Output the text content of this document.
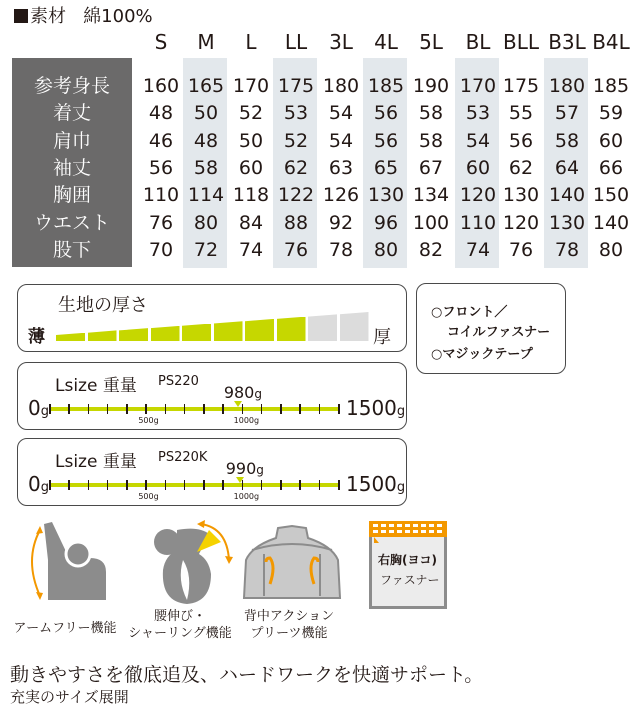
素材 綿100%
S	M	L	LL	3L	4L	5L	BL BLL B3L B4L
参考身長	160 165 170 175 180 185 190 170 175 180 185
着丈	48	50	52	53	54	56	58	53 55	57	59
肩巾	46	48	50	52	54	56	58	54 56	58	60
袖丈	56	58	60	62	63	65	67	60 62	64	66
胸囲	110 114 118 122 126 130 134 120 130 140 150
ウエスト	76	80	84	88	92	96 100 110 120 130 140
股下	70	72	74	76	78	80	82	74 76	78	80
生地の厚さ
薄	厚
○フロント／
コイルファスナー
○マジックテープ
Lsize 重量 PS220
980g
0g	1500g
500g	1000g
Lsize 重量 PS220K
990g
0g	1500g
500g	1000g
アームフリー機能
腰伸び・
シャーリング機能
背中アクション
プリーツ機能
右胸(ヨコ)
ファスナー
動きやすさを徹底追及、ハードワークを快適サポート。
充実のサイズ展開
